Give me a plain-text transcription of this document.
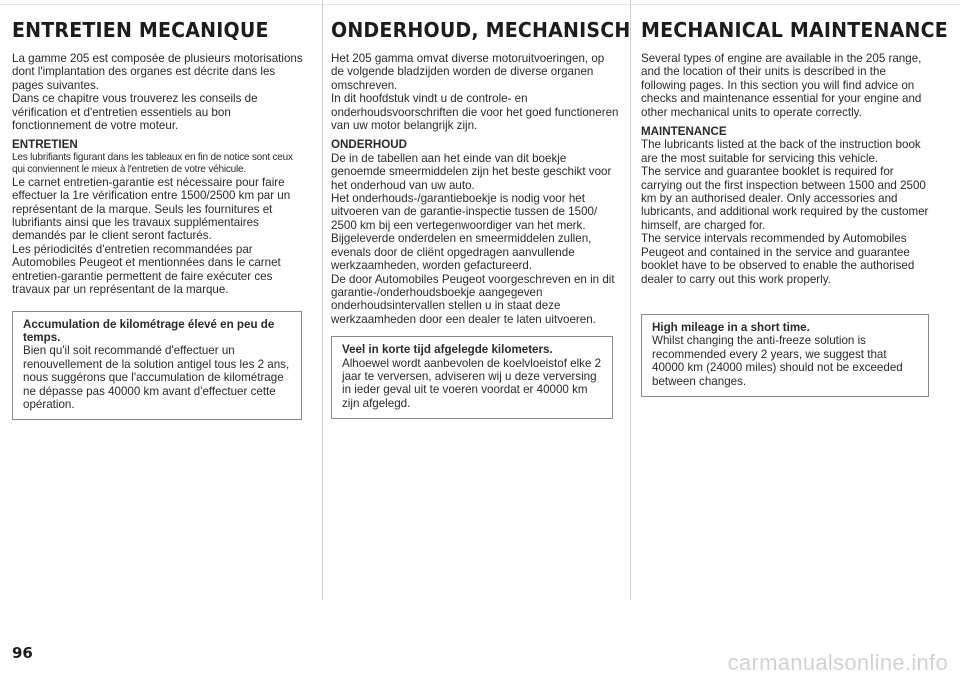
ENTRETIEN MECANIQUE

La gamme 205 est composée de plusieurs motorisations dont l'implantation des organes est décrite dans les pages suivantes.

Dans ce chapitre vous trouverez les conseils de vérification et d'entretien essentiels au bon fonctionnement de votre moteur.

ENTRETIEN

Les lubrifiants figurant dans les tableaux en fin de notice sont ceux qui conviennent le mieux à l'entretien de votre véhicule.

Le carnet entretien-garantie est nécessaire pour faire effectuer la 1re vérification entre 1500/2500 km par un représentant de la marque. Seuls les fournitures et lubrifiants ainsi que les travaux supplémentaires demandés par le client seront facturés.

Les périodicités d'entretien recommandées par Automobiles Peugeot et mentionnées dans le carnet entretien-garantie permettent de faire exécuter ces travaux par un représentant de la marque.

Accumulation de kilométrage élevé en peu de temps.

Bien qu'il soit recommandé d'effectuer un renouvellement de la solution antigel tous les 2 ans, nous suggérons que l'accumulation de kilométrage ne dépasse pas 40000 km avant d'effectuer cette opération.

ONDERHOUD, MECHANISCH

Het 205 gamma omvat diverse motoruitvoeringen, op de volgende bladzijden worden de diverse organen omschreven.

In dit hoofdstuk vindt u de controle- en onderhoudsvoorschriften die voor het goed functioneren van uw motor belangrijk zijn.

ONDERHOUD

De in de tabellen aan het einde van dit boekje genoemde smeermiddelen zijn het beste geschikt voor het onderhoud van uw auto.

Het onderhouds-/garantieboekje is nodig voor het uitvoeren van de garantie-inspectie tussen de 1500/ 2500 km bij een vertegenwoordiger van het merk. Bijgeleverde onderdelen en smeermiddelen zullen, evenals door de cliënt opgedragen aanvullende werkzaamheden, worden gefactureerd.

De door Automobiles Peugeot voorgeschreven en in dit garantie-/onderhoudsboekje aangegeven onderhoudsintervallen stellen u in staat deze werkzaamheden door een dealer te laten uitvoeren.

Veel in korte tijd afgelegde kilometers.

Alhoewel wordt aanbevolen de koelvloeistof elke 2 jaar te verversen, adviseren wij u deze verversing in ieder geval uit te voeren voordat er 40000 km zijn afgelegd.

MECHANICAL MAINTENANCE

Several types of engine are available in the 205 range, and the location of their units is described in the following pages. In this section you will find advice on checks and maintenance essential for your engine and other mechanical units to operate correctly.

MAINTENANCE

The lubricants listed at the back of the instruction book are the most suitable for servicing this vehicle.

The service and guarantee booklet is required for carrying out the first inspection between 1500 and 2500 km by an authorised dealer. Only accessories and lubricants, and additional work required by the customer himself, are charged for.

The service intervals recommended by Automobiles Peugeot and contained in the service and guarantee booklet have to be observed to enable the authorised dealer to carry out this work properly.

High mileage in a short time.

Whilst changing the anti-freeze solution is recommended every 2 years, we suggest that 40000 km (24000 miles) should not be exceeded between changes.

96	carmanualsonline.info
